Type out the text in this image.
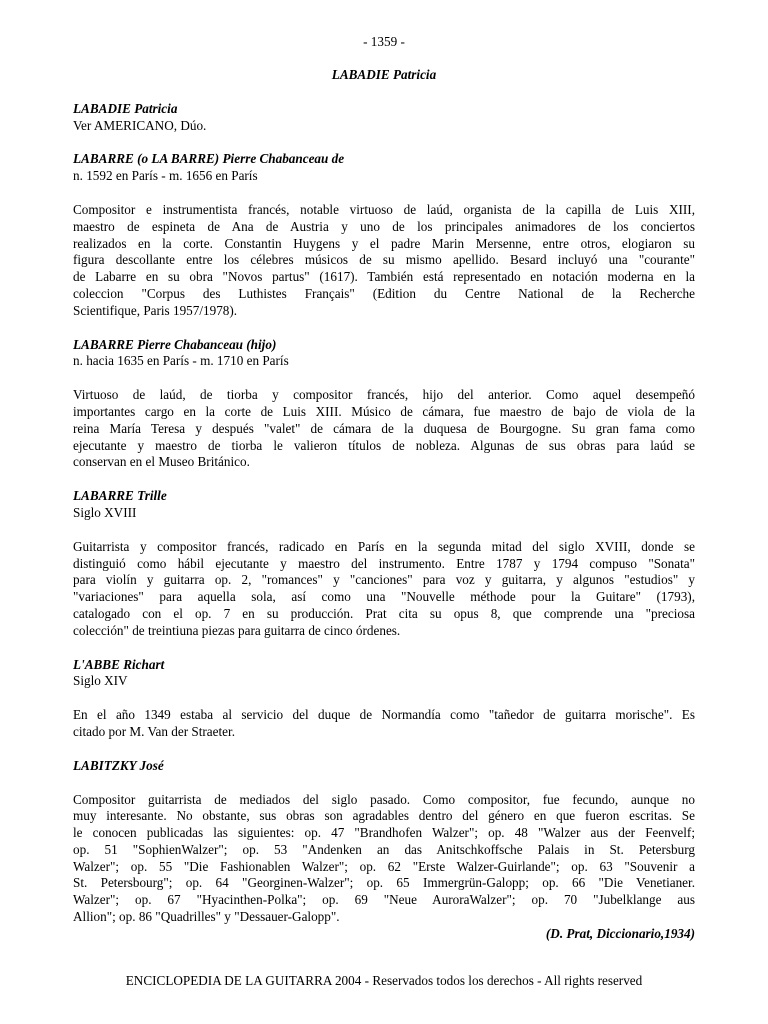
- 1359 -
LABADIE Patricia

LABADIE Patricia

Ver AMERICANO, Dúo.

LABARRE (o LA BARRE) Pierre Chabanceau de

n. 1592 en París - m. 1656 en París

Compositor e instrumentista francés, notable virtuoso de laúd, organista de la capilla de Luis XIII,
maestro de espineta de Ana de Austria y uno de los principales animadores de los conciertos
realizados en la corte. Constantin Huygens y el padre Marin Mersenne, entre otros, elogiaron su
figura descollante entre los célebres músicos de su mismo apellido. Besard incluyó una "courante"
de Labarre en su obra "Novos partus" (1617). También está representado en notación moderna en la
coleccion "Corpus des Luthistes Français" (Edition du Centre National de la Recherche
Scientifique, Paris 1957/1978).

LABARRE Pierre Chabanceau (hijo)

n. hacia 1635 en París - m. 1710 en París

Virtuoso de laúd, de tiorba y compositor francés, hijo del anterior. Como aquel desempeñó
importantes cargo en la corte de Luis XIII. Músico de cámara, fue maestro de bajo de viola de la
reina María Teresa y después "valet" de cámara de la duquesa de Bourgogne. Su gran fama como
ejecutante y maestro de tiorba le valieron títulos de nobleza. Algunas de sus obras para laúd se
conservan en el Museo Británico.

LABARRE Trille

Siglo XVIII

Guitarrista y compositor francés, radicado en París en la segunda mitad del siglo XVIII, donde se
distinguió como hábil ejecutante y maestro del instrumento. Entre 1787 y 1794 compuso "Sonata"
para violín y guitarra op. 2, "romances" y "canciones" para voz y guitarra, y algunos "estudios" y
"variaciones" para aquella sola, así como una "Nouvelle méthode pour la Guitare" (1793),
catalogado con el op. 7 en su producción. Prat cita su opus 8, que comprende una "preciosa
colección" de treintiuna piezas para guitarra de cinco órdenes.

L'ABBE Richart

Siglo XIV

En el año 1349 estaba al servicio del duque de Normandía como "tañedor de guitarra morische". Es
citado por M. Van der Straeter.

LABITZKY José

Compositor guitarrista de mediados del siglo pasado. Como compositor, fue fecundo, aunque no
muy interesante. No obstante, sus obras son agradables dentro del género en que fueron escritas. Se
le conocen publicadas las siguientes: op. 47 "Brandhofen Walzer"; op. 48 "Walzer aus der Feenvelf;
op. 51 "SophienWalzer"; op. 53 "Andenken an das Anitschkoffsche Palais in St. Petersburg
Walzer"; op. 55 "Die Fashionablen Walzer"; op. 62 "Erste Walzer-Guirlande"; op. 63 "Souvenir a
St. Petersbourg"; op. 64 "Georginen-Walzer"; op. 65 Immergrün-Galopp; op. 66 "Die Venetianer.
Walzer"; op. 67 "Hyacinthen-Polka"; op. 69 "Neue AuroraWalzer"; op. 70 "Jubelklange aus
Allion"; op. 86 "Quadrilles" y "Dessauer-Galopp".

(D. Prat, Diccionario,1934)

ENCICLOPEDIA DE LA GUITARRA 2004 - Reservados todos los derechos - All rights reserved
